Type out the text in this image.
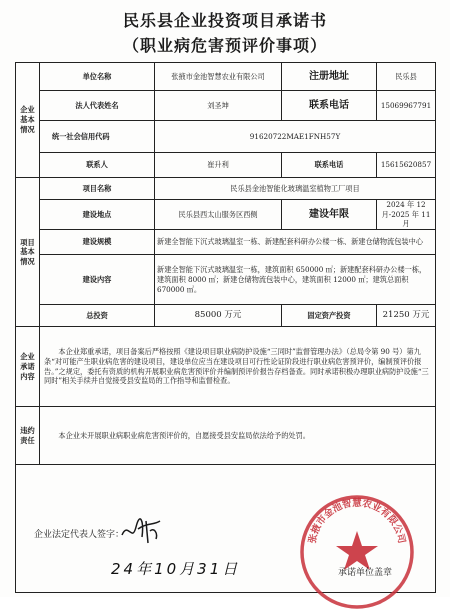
民乐县企业投资项目承诺书
（职业病危害预评价事项）
企业基本情况	单位名称	张掖市金池智慧农业有限公司	注册地址	民乐县
	法人代表姓名	刘圣坤	联系电话	15069967791
	统一社会信用代码	91620722MAE1FNH57Y		
	联系人	崔升利	联系电话	15615620857
项目基本情况	项目名称	民乐县金池智能化玻璃温室植物工厂项目		
	建设地点	民乐县西太山服务区西侧	建设年限	2024 年 12 月-2025 年 11 月
	建设规模	新建全智能下沉式玻璃温室一栋、新建配套科研办公楼一栋、新建仓储物流包装中心		
	建设内容	新建全智能下沉式玻璃温室一栋，建筑面积 650000 ㎡；新建配套科研办公楼一栋，建筑面积 8000 ㎡；新建仓储物流包装中心，建筑面积 12000 ㎡；建筑总面积 670000 ㎡。		
	总投资	85000 万元	固定资产投资	21250 万元
企业承诺内容	本企业郑重承诺，项目备案后严格按照《建设项目职业病防护设施“三同时”监督管理办法》（总局令第 90 号）第九条“对可能产生职业病危害的建设项目，建设单位应当在建设项目可行性论证阶段进行职业病危害预评价，编制预评价报告。”之规定，委托有资质的机构开展职业病危害预评价并编制预评价报告存档备查。同时承诺积极办理职业病防护设施“三同时”相关手续并自觉接受县安监局的工作指导和监督检查。			
违约责任	本企业未开展职业病职业病危害预评价的，自愿接受县安监局依法给予的处罚。			

企业法定代表人签字：
24年10月31日
张掖市金池智慧农业有限公司
承诺单位盖章
